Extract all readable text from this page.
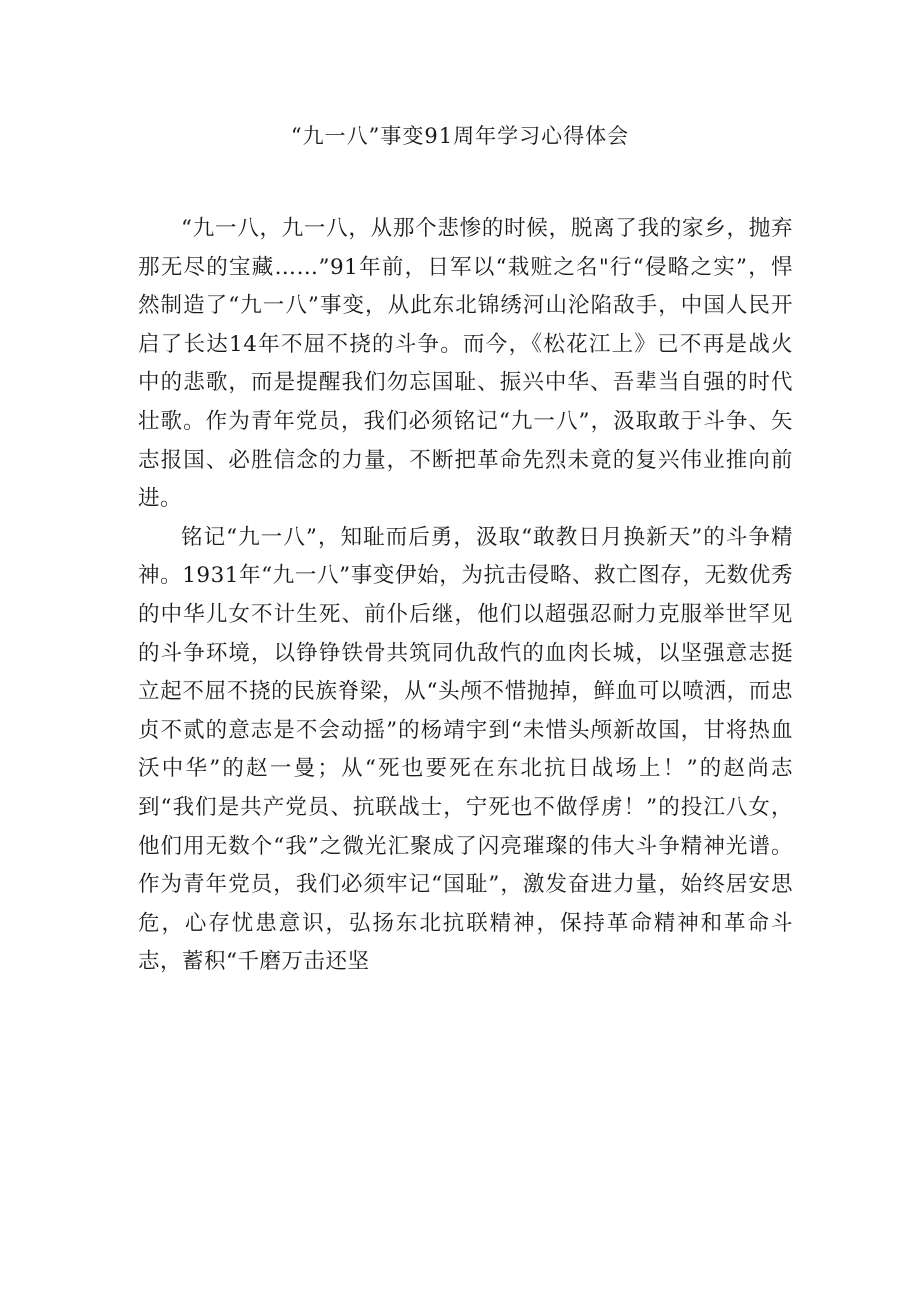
“九一八”事变91周年学习心得体会

“九一八，九一八，从那个悲惨的时候，脱离了我的家乡，抛弃那无尽的宝藏……”91年前，日军以“栽赃之名"行“侵略之实”，悍然制造了“九一八”事变，从此东北锦绣河山沦陷敌手，中国人民开启了长达14年不屈不挠的斗争。而今，《松花江上》已不再是战火中的悲歌，而是提醒我们勿忘国耻、振兴中华、吾辈当自强的时代壮歌。作为青年党员，我们必须铭记“九一八”，汲取敢于斗争、矢志报国、必胜信念的力量，不断把革命先烈未竟的复兴伟业推向前进。

铭记“九一八”，知耻而后勇，汲取“敢教日月换新天”的斗争精神。1931年“九一八”事变伊始，为抗击侵略、救亡图存，无数优秀的中华儿女不计生死、前仆后继，他们以超强忍耐力克服举世罕见的斗争环境，以铮铮铁骨共筑同仇敌忾的血肉长城，以坚强意志挺立起不屈不挠的民族脊梁，从“头颅不惜抛掉，鲜血可以喷洒，而忠贞不贰的意志是不会动摇”的杨靖宇到“未惜头颅新故国，甘将热血沃中华”的赵一曼；从“死也要死在东北抗日战场上！”的赵尚志到“我们是共产党员、抗联战士，宁死也不做俘虏！”的投江八女，他们用无数个“我”之微光汇聚成了闪亮璀璨的伟大斗争精神光谱。作为青年党员，我们必须牢记“国耻”，激发奋进力量，始终居安思危，心存忧患意识，弘扬东北抗联精神，保持革命精神和革命斗志，蓄积“千磨万击还坚
